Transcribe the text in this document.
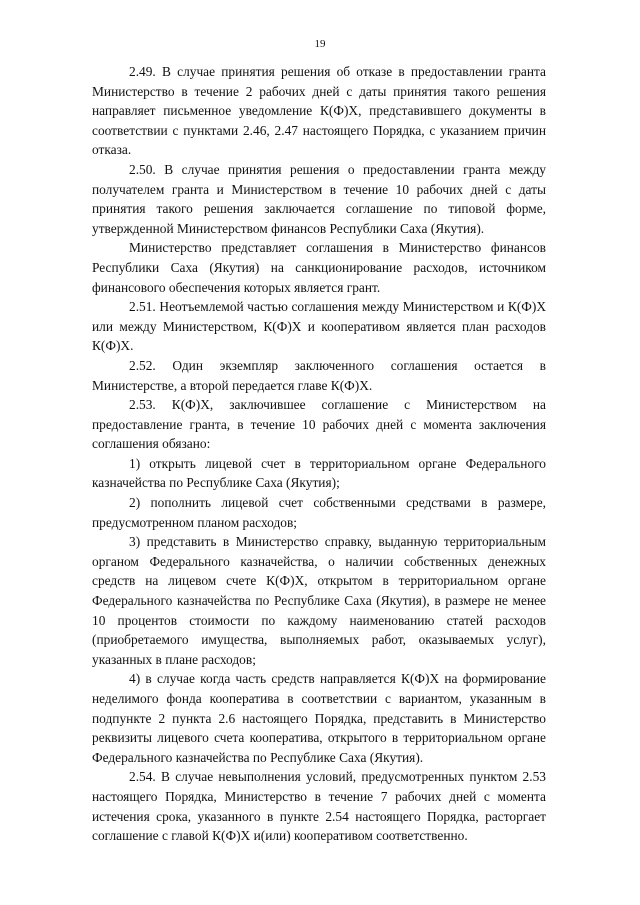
19

2.49. В случае принятия решения об отказе в предоставлении гранта Министерство в течение 2 рабочих дней с даты принятия такого решения направляет письменное уведомление К(Ф)Х, представившего документы в соответствии с пунктами 2.46, 2.47 настоящего Порядка, с указанием причин отказа.

2.50. В случае принятия решения о предоставлении гранта между получателем гранта и Министерством в течение 10 рабочих дней с даты принятия такого решения заключается соглашение по типовой форме, утвержденной Министерством финансов Республики Саха (Якутия).

Министерство представляет соглашения в Министерство финансов Республики Саха (Якутия) на санкционирование расходов, источником финансового обеспечения которых является грант.

2.51. Неотъемлемой частью соглашения между Министерством и К(Ф)Х или между Министерством, К(Ф)Х и кооперативом является план расходов К(Ф)Х.

2.52. Один экземпляр заключенного соглашения остается в Министерстве, а второй передается главе К(Ф)Х.

2.53. К(Ф)Х, заключившее соглашение с Министерством на предоставление гранта, в течение 10 рабочих дней с момента заключения соглашения обязано:

1) открыть лицевой счет в территориальном органе Федерального казначейства по Республике Саха (Якутия);

2) пополнить лицевой счет собственными средствами в размере, предусмотренном планом расходов;

3) представить в Министерство справку, выданную территориальным органом Федерального казначейства, о наличии собственных денежных средств на лицевом счете К(Ф)Х, открытом в территориальном органе Федерального казначейства по Республике Саха (Якутия), в размере не менее 10 процентов стоимости по каждому наименованию статей расходов (приобретаемого имущества, выполняемых работ, оказываемых услуг), указанных в плане расходов;

4) в случае когда часть средств направляется К(Ф)Х на формирование неделимого фонда кооператива в соответствии с вариантом, указанным в подпункте 2 пункта 2.6 настоящего Порядка, представить в Министерство реквизиты лицевого счета кооператива, открытого в территориальном органе Федерального казначейства по Республике Саха (Якутия).

2.54. В случае невыполнения условий, предусмотренных пунктом 2.53 настоящего Порядка, Министерство в течение 7 рабочих дней с момента истечения срока, указанного в пункте 2.54 настоящего Порядка, расторгает соглашение с главой К(Ф)Х и(или) кооперативом соответственно.
